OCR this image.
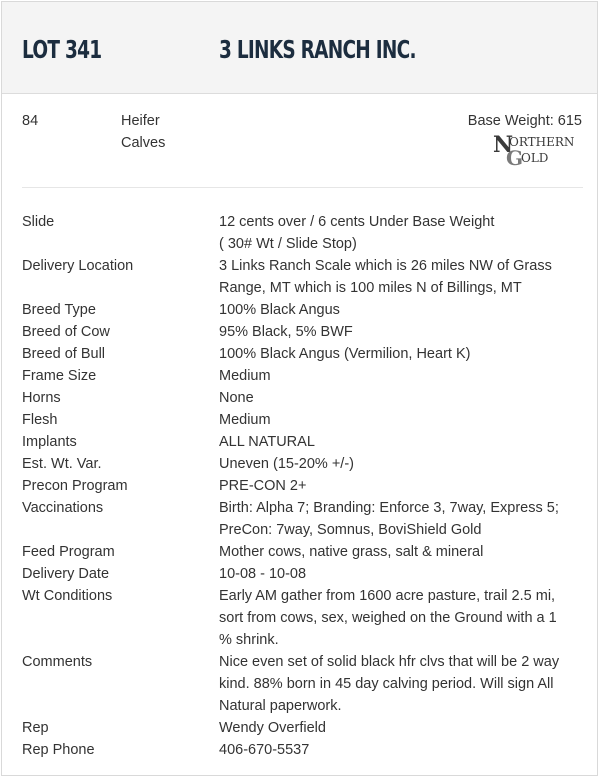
LOT 341	3 LINKS RANCH INC.
84	Heifer
Calves
Base Weight: 615
N
ORTHERN
G
OLD
Slide	12 cents over / 6 cents Under Base Weight
( 30# Wt / Slide Stop)
Delivery Location	3 Links Ranch Scale which is 26 miles NW of Grass
Range, MT which is 100 miles N of Billings, MT
Breed Type	100% Black Angus
Breed of Cow	95% Black, 5% BWF
Breed of Bull	100% Black Angus (Vermilion, Heart K)
Frame Size	Medium
Horns	None
Flesh	Medium
Implants	ALL NATURAL
Est. Wt. Var.	Uneven (15-20% +/-)
Precon Program	PRE-CON 2+
Vaccinations	Birth: Alpha 7; Branding: Enforce 3, 7way, Express 5;
PreCon: 7way, Somnus, BoviShield Gold
Feed Program	Mother cows, native grass, salt & mineral
Delivery Date	10-08 - 10-08
Wt Conditions	Early AM gather from 1600 acre pasture, trail 2.5 mi,
sort from cows, sex, weighed on the Ground with a 1
% shrink.
Comments	Nice even set of solid black hfr clvs that will be 2 way
kind. 88% born in 45 day calving period. Will sign All
Natural paperwork.
Rep	Wendy Overfield
Rep Phone	406-670-5537
